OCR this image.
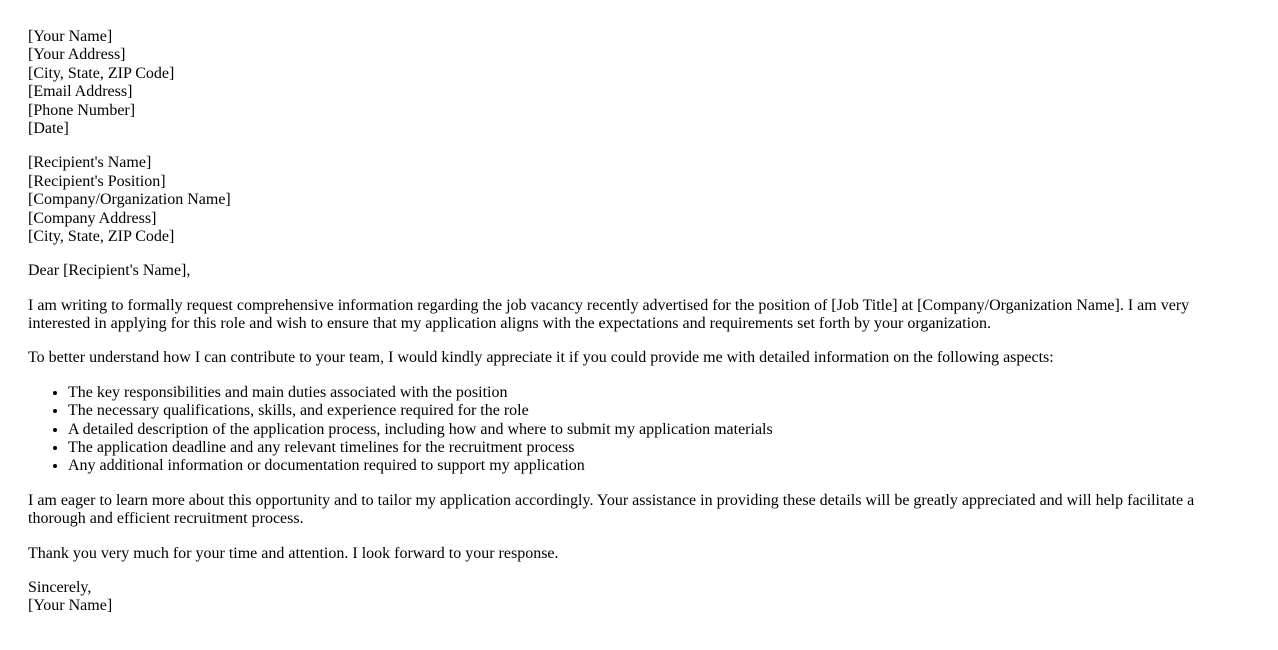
[Your Name]
[Your Address]
[City, State, ZIP Code]
[Email Address]
[Phone Number]
[Date]

[Recipient's Name]
[Recipient's Position]
[Company/Organization Name]
[Company Address]
[City, State, ZIP Code]

Dear [Recipient's Name],

I am writing to formally request comprehensive information regarding the job vacancy recently advertised for the position of [Job Title] at [Company/Organization Name]. I am very interested in applying for this role and wish to ensure that my application aligns with the expectations and requirements set forth by your organization.

To better understand how I can contribute to your team, I would kindly appreciate it if you could provide me with detailed information on the following aspects:

• The key responsibilities and main duties associated with the position
• The necessary qualifications, skills, and experience required for the role
• A detailed description of the application process, including how and where to submit my application materials
• The application deadline and any relevant timelines for the recruitment process
• Any additional information or documentation required to support my application

I am eager to learn more about this opportunity and to tailor my application accordingly. Your assistance in providing these details will be greatly appreciated and will help facilitate a thorough and efficient recruitment process.

Thank you very much for your time and attention. I look forward to your response.

Sincerely,
[Your Name]
